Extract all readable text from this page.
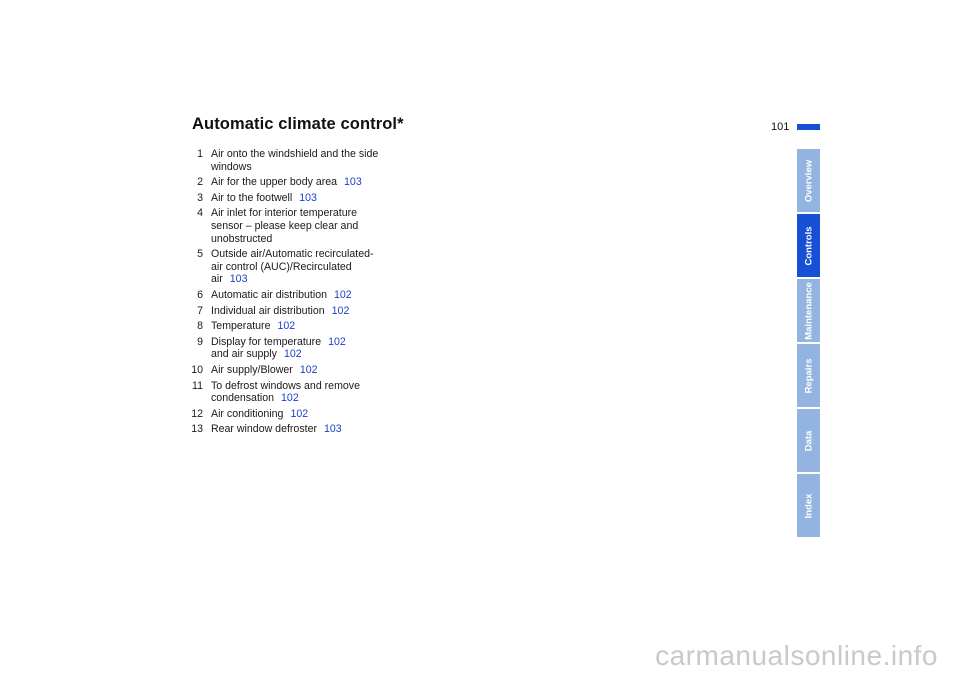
Automatic climate control*	101
1 Air onto the windshield and the side
windows
2 Air for the upper body area 103
3 Air to the footwell 103
4 Air inlet for interior temperature
sensor – please keep clear and
unobstructed
5 Outside air/Automatic recirculated-
air control (AUC)/Recirculated
air 103
6 Automatic air distribution 102
7 Individual air distribution 102
8 Temperature 102
9 Display for temperature 102
and air supply 102
10 Air supply/Blower 102
11 To defrost windows and remove
condensation 102
12 Air conditioning 102
13 Rear window defroster 103
Overview
Controls
Maintenance
Repairs
Data
Index
carmanualsonline.info
